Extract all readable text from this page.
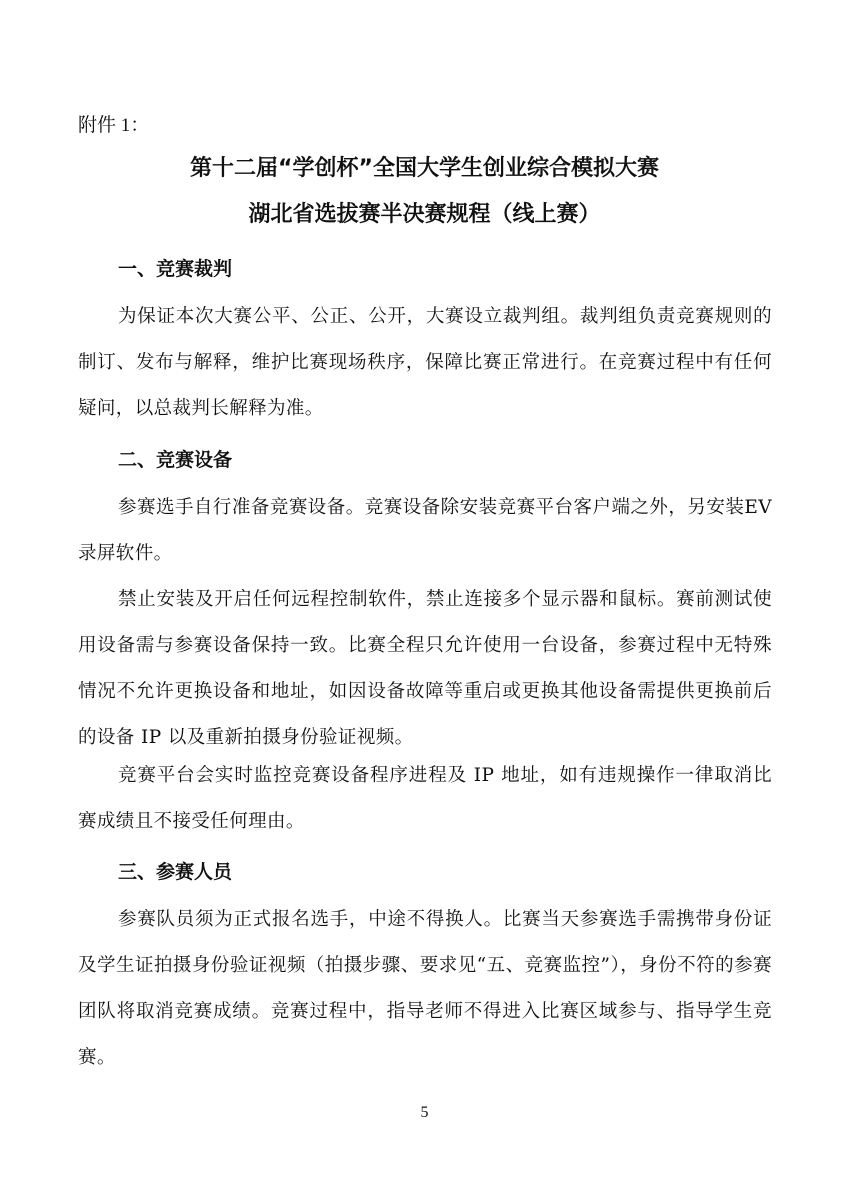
附件 1：
第十二届“学创杯”全国大学生创业综合模拟大赛
湖北省选拔赛半决赛规程（线上赛）
一、竞赛裁判

为保证本次大赛公平、公正、公开，大赛设立裁判组。裁判组负责竞赛规则的制订、发布与解释，维护比赛现场秩序，保障比赛正常进行。在竞赛过程中有任何疑问，以总裁判长解释为准。

二、竞赛设备

参赛选手自行准备竞赛设备。竞赛设备除安装竞赛平台客户端之外，另安装EV 录屏软件。

禁止安装及开启任何远程控制软件，禁止连接多个显示器和鼠标。赛前测试使用设备需与参赛设备保持一致。比赛全程只允许使用一台设备，参赛过程中无特殊情况不允许更换设备和地址，如因设备故障等重启或更换其他设备需提供更换前后的设备 IP 以及重新拍摄身份验证视频。

竞赛平台会实时监控竞赛设备程序进程及 IP 地址，如有违规操作一律取消比赛成绩且不接受任何理由。

三、参赛人员

参赛队员须为正式报名选手，中途不得换人。比赛当天参赛选手需携带身份证及学生证拍摄身份验证视频（拍摄步骤、要求见“五、竞赛监控”），身份不符的参赛团队将取消竞赛成绩。竞赛过程中，指导老师不得进入比赛区域参与、指导学生竞赛。

5
